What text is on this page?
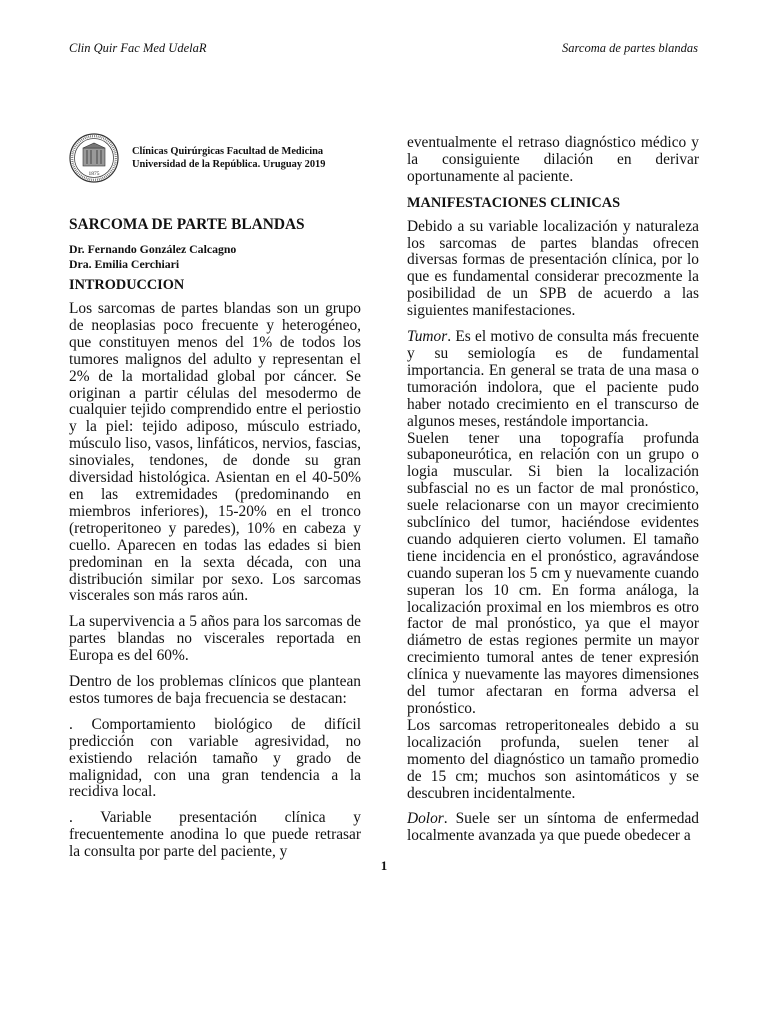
Clin Quir Fac Med UdelaR	Sarcoma de partes blandas
1875
Clínicas Quirúrgicas Facultad de Medicina
Universidad de la República. Uruguay 2019
SARCOMA DE PARTE BLANDAS
Dr. Fernando González Calcagno
Dra. Emilia Cerchiari
INTRODUCCION

Los sarcomas de partes blandas son un grupo de neoplasias poco frecuente y heterogéneo, que constituyen menos del 1% de todos los tumores malignos del adulto y representan el 2% de la mortalidad global por cáncer. Se originan a partir células del mesodermo de cualquier tejido comprendido entre el periostio y la piel: tejido adiposo, músculo estriado, músculo liso, vasos, linfáticos, nervios, fascias, sinoviales, tendones, de donde su gran diversidad histológica. Asientan en el 40-50% en las extremidades (predominando en miembros inferiores), 15-20% en el tronco (retroperitoneo y paredes), 10% en cabeza y cuello. Aparecen en todas las edades si bien predominan en la sexta década, con una distribución similar por sexo. Los sarcomas viscerales son más raros aún.

La supervivencia a 5 años para los sarcomas de partes blandas no viscerales reportada en Europa es del 60%.

Dentro de los problemas clínicos que plantean estos tumores de baja frecuencia se destacan:

. Comportamiento biológico de difícil predicción con variable agresividad, no existiendo relación tamaño y grado de malignidad, con una gran tendencia a la recidiva local.

. Variable presentación clínica y frecuentemente anodina lo que puede retrasar la consulta por parte del paciente, y

eventualmente el retraso diagnóstico médico y la consiguiente dilación en derivar oportunamente al paciente.

MANIFESTACIONES CLINICAS

Debido a su variable localización y naturaleza los sarcomas de partes blandas ofrecen diversas formas de presentación clínica, por lo que es fundamental considerar precozmente la posibilidad de un SPB de acuerdo a las siguientes manifestaciones.

Tumor. Es el motivo de consulta más frecuente y su semiología es de fundamental importancia. En general se trata de una masa o tumoración indolora, que el paciente pudo haber notado crecimiento en el transcurso de algunos meses, restándole importancia.

Suelen tener una topografía profunda subaponeurótica, en relación con un grupo o logia muscular. Si bien la localización subfascial no es un factor de mal pronóstico, suele relacionarse con un mayor crecimiento subclínico del tumor, haciéndose evidentes cuando adquieren cierto volumen. El tamaño tiene incidencia en el pronóstico, agravándose cuando superan los 5 cm y nuevamente cuando superan los 10 cm. En forma análoga, la localización proximal en los miembros es otro factor de mal pronóstico, ya que el mayor diámetro de estas regiones permite un mayor crecimiento tumoral antes de tener expresión clínica y nuevamente las mayores dimensiones del tumor afectaran en forma adversa el pronóstico.

Los sarcomas retroperitoneales debido a su localización profunda, suelen tener al momento del diagnóstico un tamaño promedio de 15 cm; muchos son asintomáticos y se descubren incidentalmente.

Dolor. Suele ser un síntoma de enfermedad localmente avanzada ya que puede obedecer a

1
